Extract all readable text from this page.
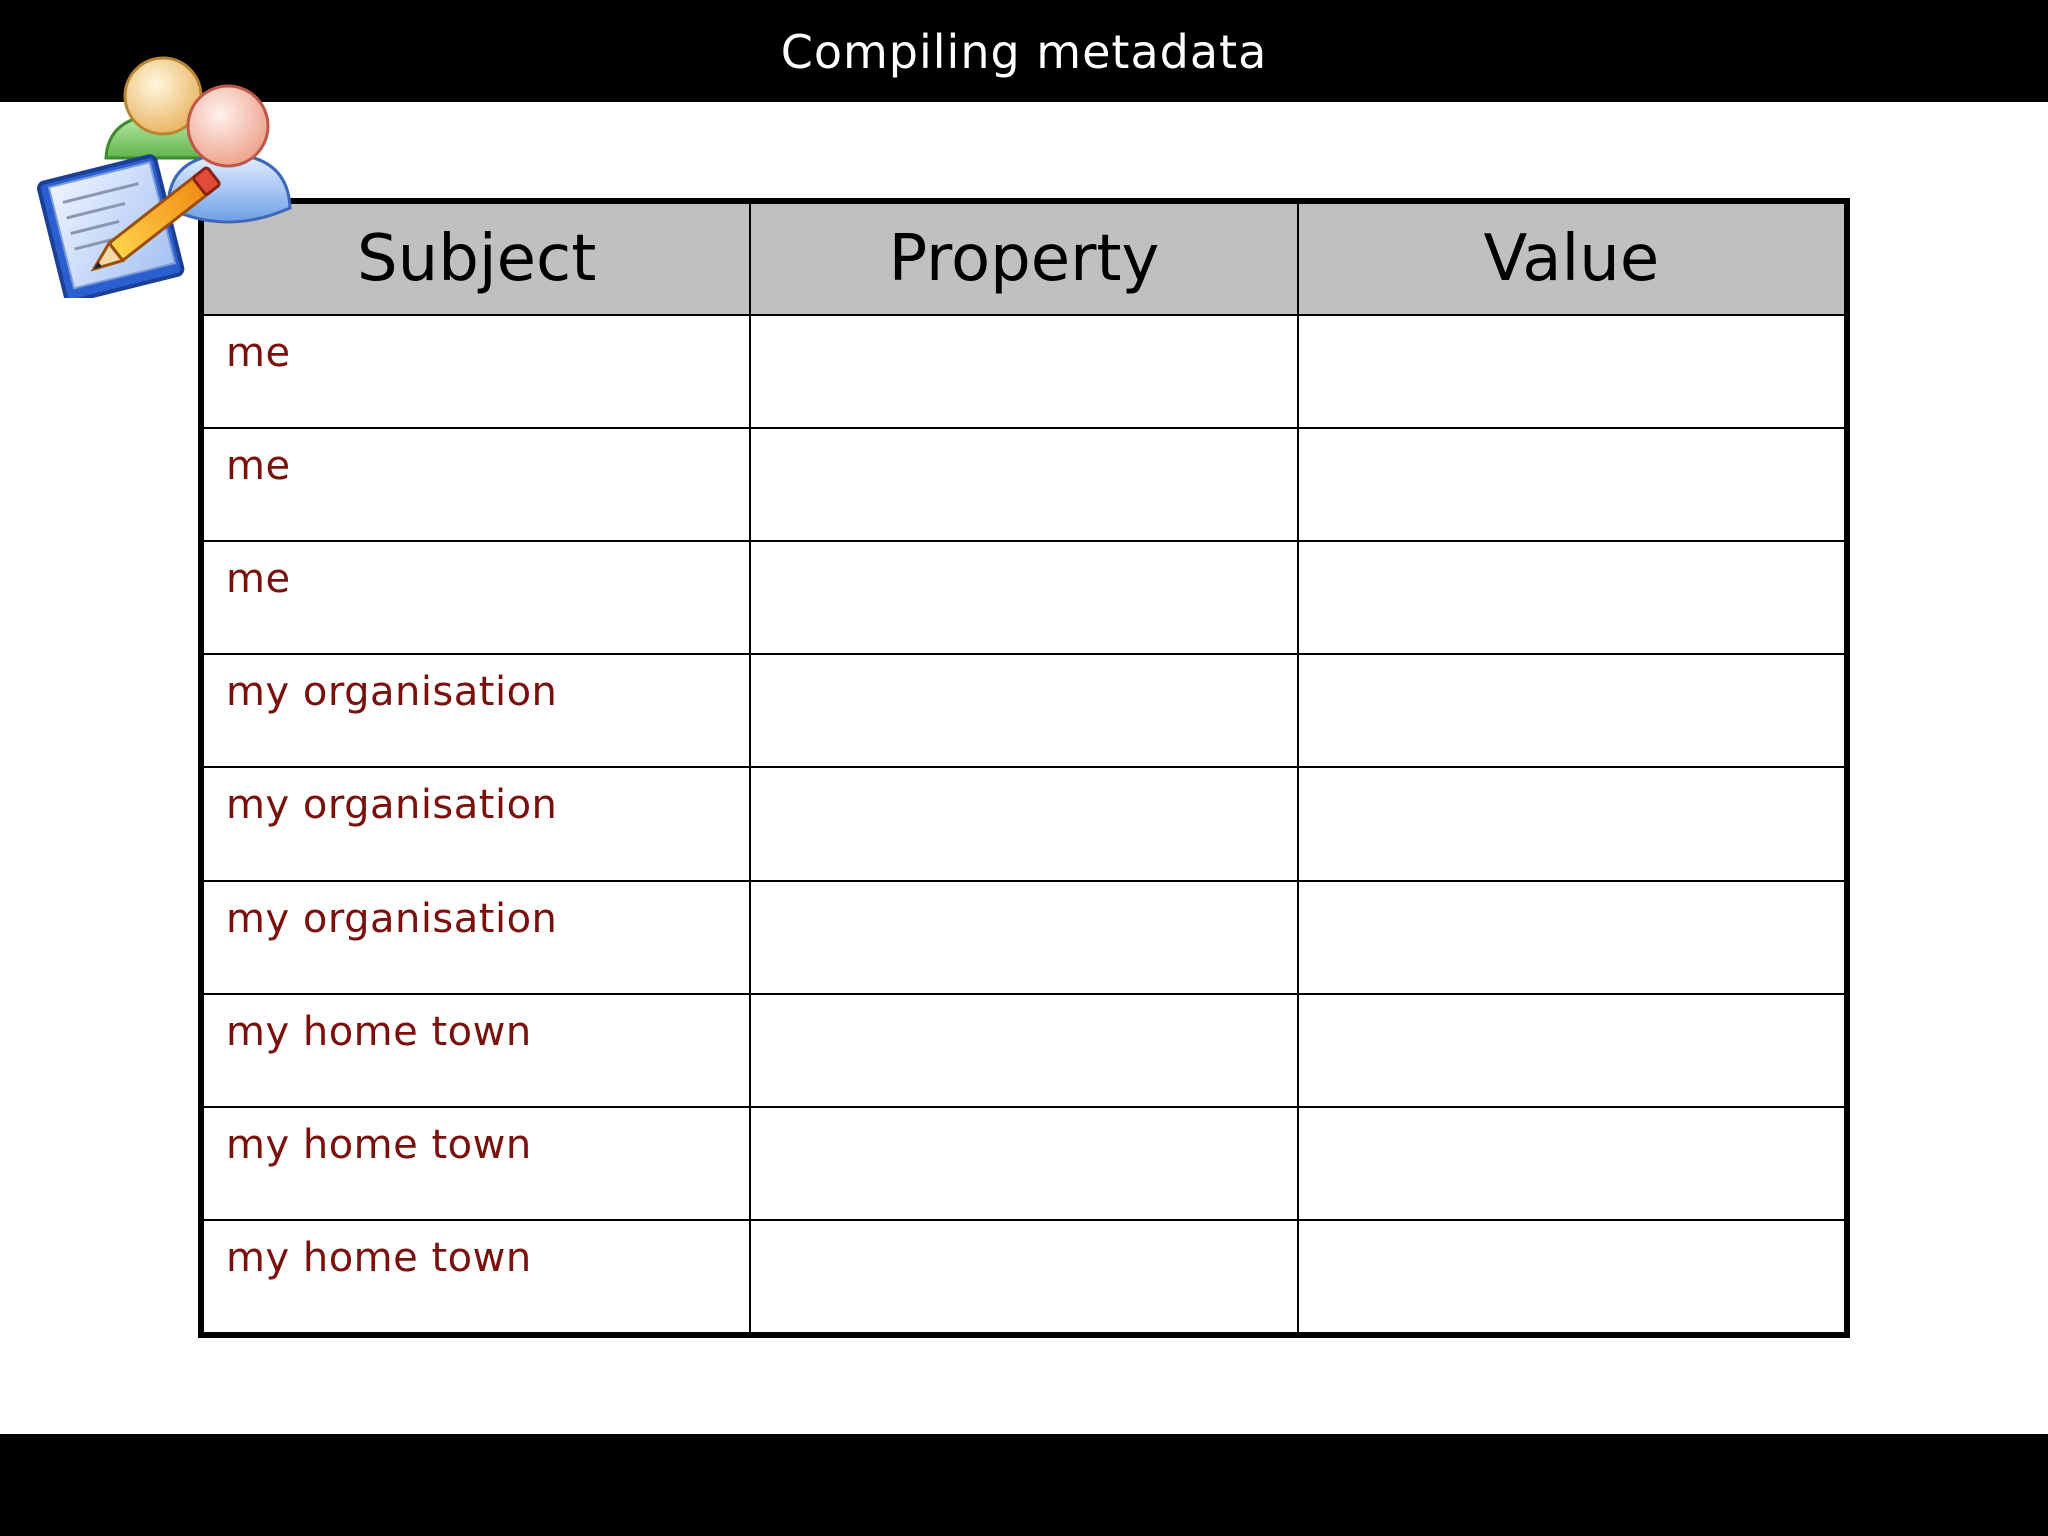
Compiling metadata
Subject	Property	Value
me		
me		
me		
my organisation		
my organisation		
my organisation		
my home town		
my home town		
my home town		
